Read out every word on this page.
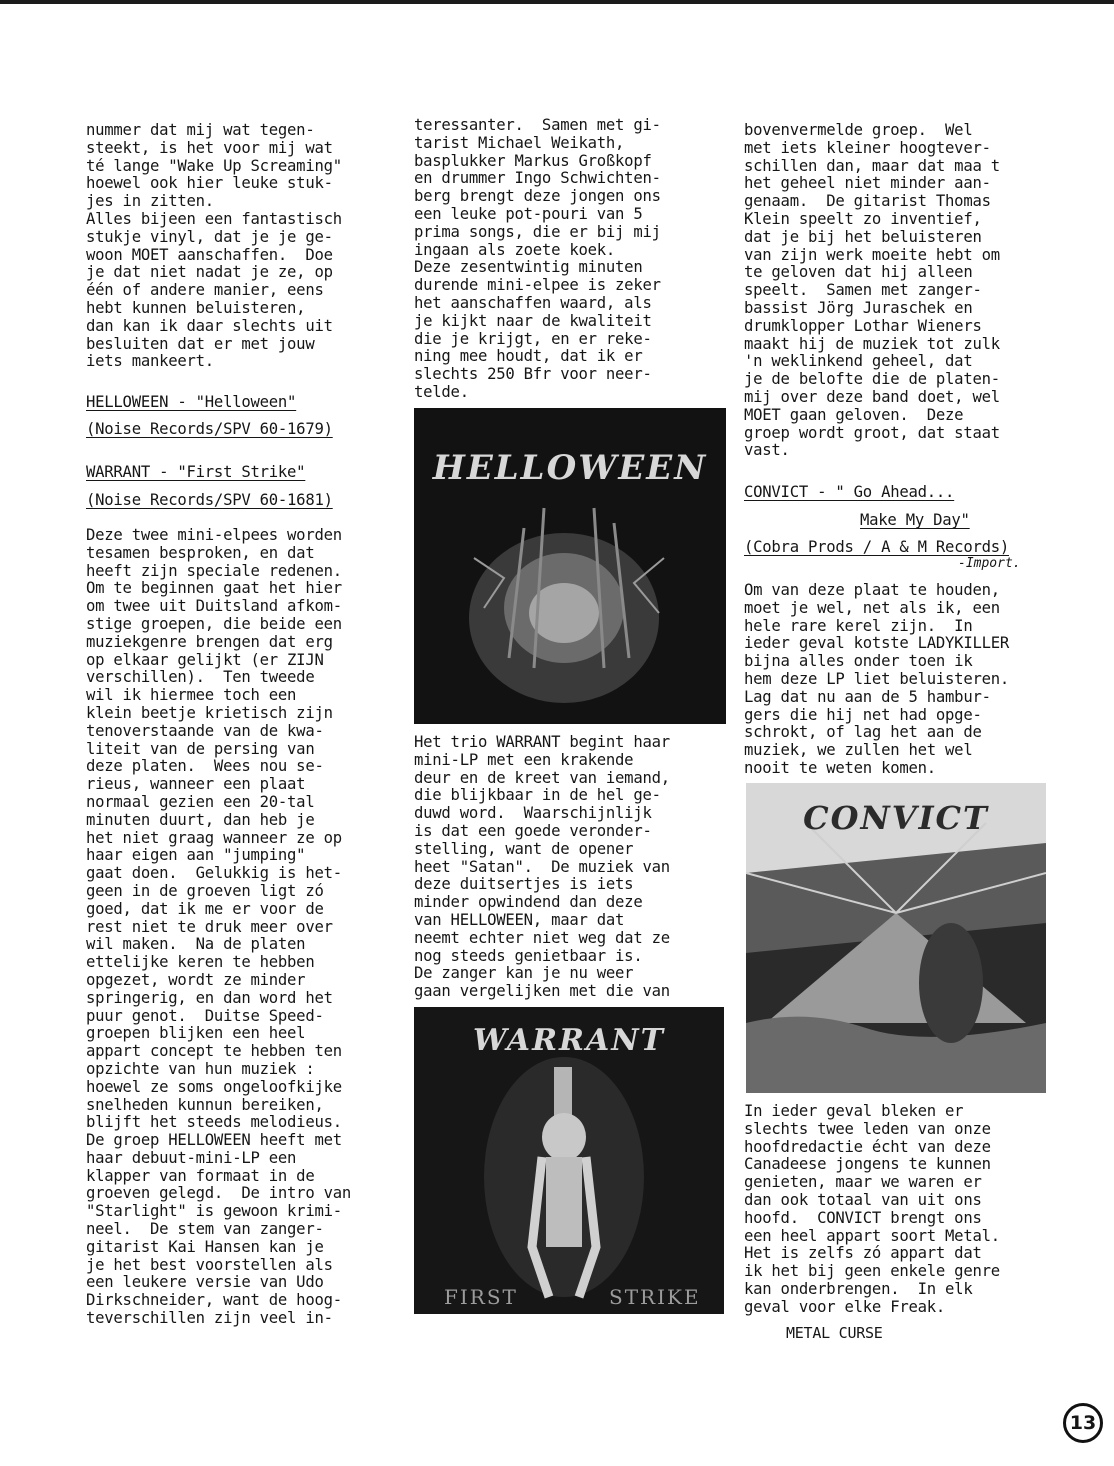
nummer dat mij wat tegen-

steekt, is het voor mij wat

té lange "Wake Up Screaming"

hoewel ook hier leuke stuk-

jes in zitten.

Alles bijeen een fantastisch

stukje vinyl, dat je je ge-

woon MOET aanschaffen.  Doe

je dat niet nadat je ze, op

één of andere manier, eens

hebt kunnen beluisteren,

dan kan ik daar slechts uit

besluiten dat er met jouw

iets mankeert.

HELLOWEEN - "Helloween"
(Noise Records/SPV 60-1679)
WARRANT - "First Strike"
(Noise Records/SPV 60-1681)

Deze twee mini-elpees worden

tesamen besproken, en dat

heeft zijn speciale redenen.

Om te beginnen gaat het hier

om twee uit Duitsland afkom-

stige groepen, die beide een

muziekgenre brengen dat erg

op elkaar gelijkt (er ZIJN

verschillen).  Ten tweede

wil ik hiermee toch een

klein beetje krietisch zijn

tenoverstaande van de kwa-

liteit van de persing van

deze platen.  Wees nou se-

rieus, wanneer een plaat

normaal gezien een 20-tal

minuten duurt, dan heb je

het niet graag wanneer ze op

haar eigen aan "jumping"

gaat doen.  Gelukkig is het-

geen in de groeven ligt zó

goed, dat ik me er voor de

rest niet te druk meer over

wil maken.  Na de platen

ettelijke keren te hebben

opgezet, wordt ze minder

springerig, en dan word het

puur genot.  Duitse Speed-

groepen blijken een heel

appart concept te hebben ten

opzichte van hun muziek :

hoewel ze soms ongeloofkijke

snelheden kunnun bereiken,

blijft het steeds melodieus.

De groep HELLOWEEN heeft met

haar debuut-mini-LP een

klapper van formaat in de

groeven gelegd.  De intro van

"Starlight" is gewoon krimi-

neel.  De stem van zanger-

gitarist Kai Hansen kan je

je het best voorstellen als

een leukere versie van Udo

Dirkschneider, want de hoog-

teverschillen zijn veel in-

teressanter.  Samen met gi-

tarist Michael Weikath,

basplukker Markus Großkopf

en drummer Ingo Schwichten-

berg brengt deze jongen ons

een leuke pot-pouri van 5

prima songs, die er bij mij

ingaan als zoete koek.

Deze zesentwintig minuten

durende mini-elpee is zeker

het aanschaffen waard, als

je kijkt naar de kwaliteit

die je krijgt, en er reke-

ning mee houdt, dat ik er

slechts 250 Bfr voor neer-

telde.

HELLOWEEN

Het trio WARRANT begint haar

mini-LP met een krakende

deur en de kreet van iemand,

die blijkbaar in de hel ge-

duwd word.  Waarschijnlijk

is dat een goede veronder-

stelling, want de opener

heet "Satan".  De muziek van

deze duitsertjes is iets

minder opwindend dan deze

van HELLOWEEN, maar dat

neemt echter niet weg dat ze

nog steeds genietbaar is.

De zanger kan je nu weer

gaan vergelijken met die van

WARRANT
FIRST	STRIKE

bovenvermelde groep.  Wel

met iets kleiner hoogtever-

schillen dan, maar dat maa t

het geheel niet minder aan-

genaam.  De gitarist Thomas

Klein speelt zo inventief,

dat je bij het beluisteren

van zijn werk moeite hebt om

te geloven dat hij alleen

speelt.  Samen met zanger-

bassist Jörg Juraschek en

drumklopper Lothar Wieners

maakt hij de muziek tot zulk

'n weklinkend geheel, dat

je de belofte die de platen-

mij over deze band doet, wel

MOET gaan geloven.  Deze

groep wordt groot, dat staat

vast.

CONVICT - " Go Ahead...
Make My Day"
(Cobra Prods / A & M Records)
-Import.

Om van deze plaat te houden,

moet je wel, net als ik, een

hele rare kerel zijn.  In

ieder geval kotste LADYKILLER

bijna alles onder toen ik

hem deze LP liet beluisteren.

Lag dat nu aan de 5 hambur-

gers die hij net had opge-

schrokt, of lag het aan de

muziek, we zullen het wel

nooit te weten komen.

CONVICT

In ieder geval bleken er

slechts twee leden van onze

hoofdredactie écht van deze

Canadeese jongens te kunnen

genieten, maar we waren er

dan ook totaal van uit ons

hoofd.  CONVICT brengt ons

een heel appart soort Metal.

Het is zelfs zó appart dat

ik het bij geen enkele genre

kan onderbrengen.  In elk

geval voor elke Freak.

METAL CURSE
13
